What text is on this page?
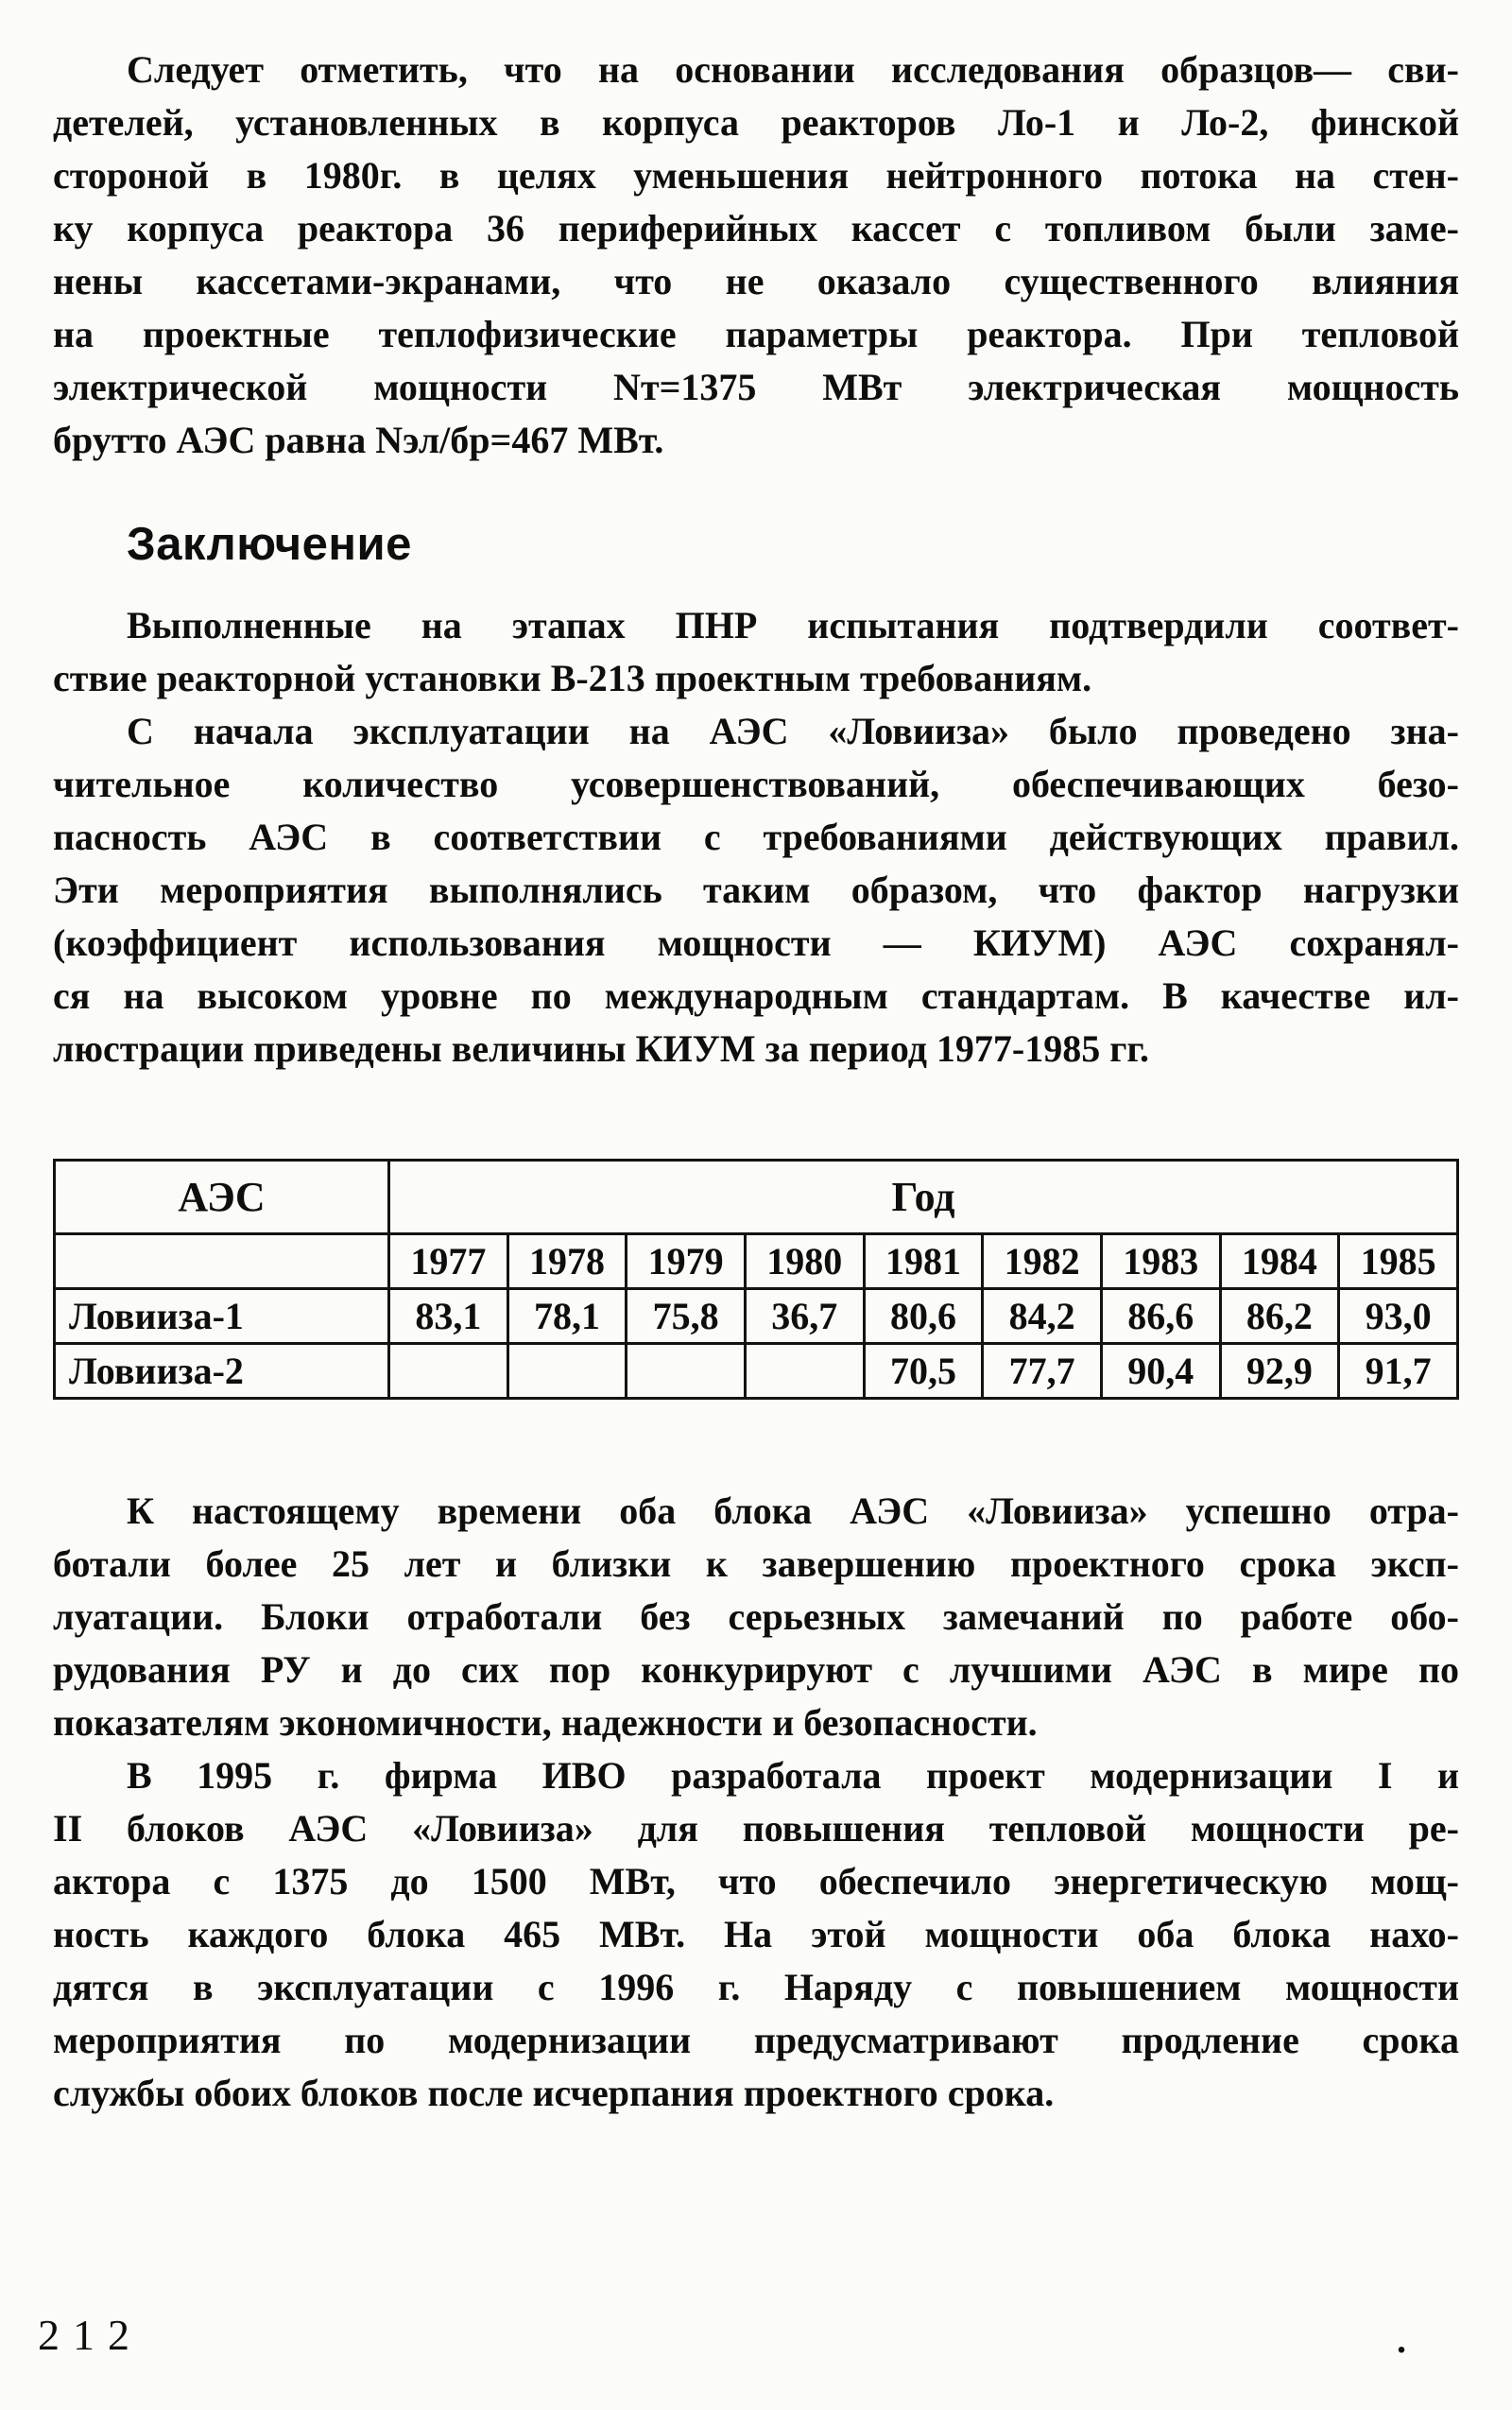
Следует отметить, что на основании исследования образцов— сви-
детелей, установленных в корпуса реакторов Ло-1 и Ло-2, финской
стороной в 1980г. в целях уменьшения нейтронного потока на стен-
ку корпуса реактора 36 периферийных кассет с топливом были заме-
нены кассетами-экранами, что не оказало существенного влияния
на проектные теплофизические параметры реактора. При тепловой
электрической мощности Nт=1375 МВт электрическая мощность
брутто АЭС равна Nэл/бр=467 МВт.
Заключение
Выполненные на этапах ПНР испытания подтвердили соответ-
ствие реакторной установки В-213 проектным требованиям.
С начала эксплуатации на АЭС «Ловииза» было проведено зна-
чительное количество усовершенствований, обеспечивающих безо-
пасность АЭС в соответствии с требованиями действующих правил.
Эти мероприятия выполнялись таким образом, что фактор нагрузки
(коэффициент использования мощности — КИУМ) АЭС сохранял-
ся на высоком уровне по международным стандартам. В качестве ил-
люстрации приведены величины КИУМ за период 1977-1985 гг.
АЭС	Год								
	1977	1978	1979	1980	1981	1982	1983	1984	1985
Ловииза-1	83,1	78,1	75,8	36,7	80,6	84,2	86,6	86,2	93,0
Ловииза-2					70,5	77,7	90,4	92,9	91,7
К настоящему времени оба блока АЭС «Ловииза» успешно отра-
ботали более 25 лет и близки к завершению проектного срока эксп-
луатации. Блоки отработали без серьезных замечаний по работе обо-
рудования РУ и до сих пор конкурируют с лучшими АЭС в мире по
показателям экономичности, надежности и безопасности.
В 1995 г. фирма ИВО разработала проект модернизации I и
II блоков АЭС «Ловииза» для повышения тепловой мощности ре-
актора с 1375 до 1500 МВт, что обеспечило энергетическую мощ-
ность каждого блока 465 МВт. На этой мощности оба блока нахо-
дятся в эксплуатации с 1996 г. Наряду с повышением мощности
мероприятия по модернизации предусматривают продление срока
службы обоих блоков после исчерпания проектного срока.
212	.
